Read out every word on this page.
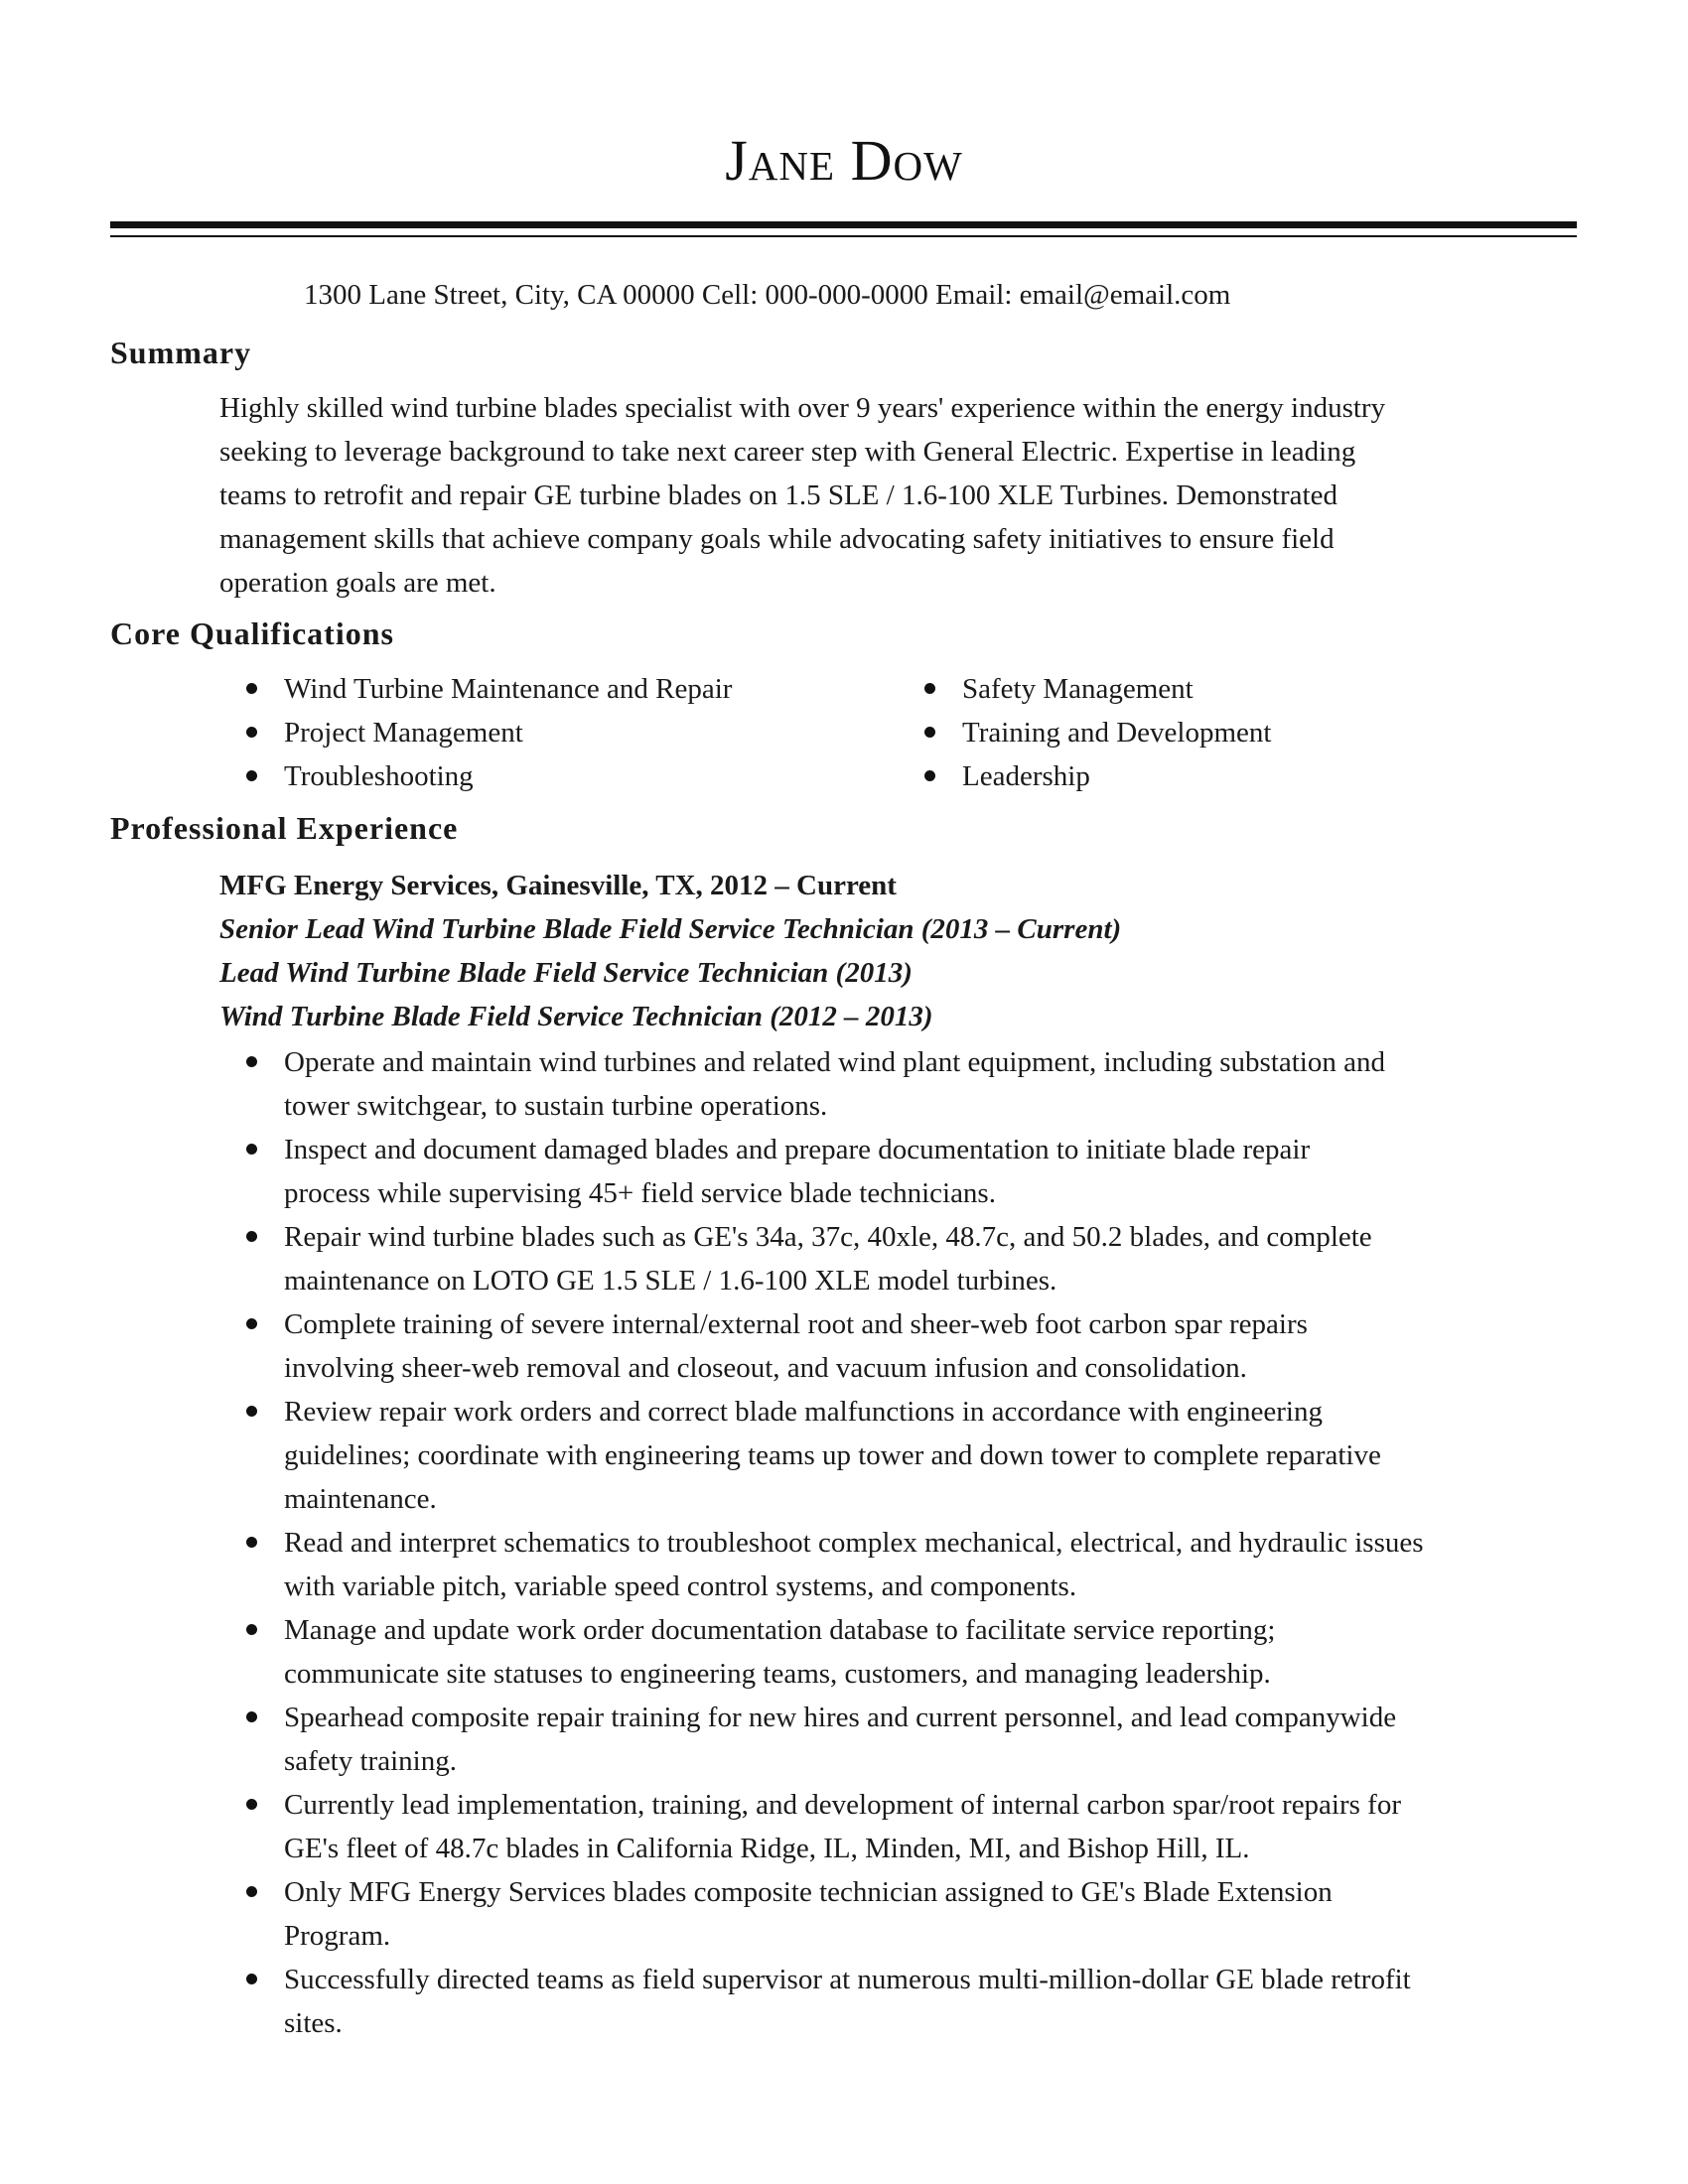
Jane Dow
1300 Lane Street, City, CA 00000 Cell: 000-000-0000 Email: email@email.com
Summary
Highly skilled wind turbine blades specialist with over 9 years' experience within the energy industry
seeking to leverage background to take next career step with General Electric. Expertise in leading
teams to retrofit and repair GE turbine blades on 1.5 SLE / 1.6-100 XLE Turbines. Demonstrated
management skills that achieve company goals while advocating safety initiatives to ensure field
operation goals are met.
Core Qualifications
Wind Turbine Maintenance and Repair
Project Management
Troubleshooting
Safety Management
Training and Development
Leadership
Professional Experience
MFG Energy Services, Gainesville, TX, 2012 – Current
Senior Lead Wind Turbine Blade Field Service Technician (2013 – Current)
Lead Wind Turbine Blade Field Service Technician (2013)
Wind Turbine Blade Field Service Technician (2012 – 2013)
Operate and maintain wind turbines and related wind plant equipment, including substation and
tower switchgear, to sustain turbine operations.
Inspect and document damaged blades and prepare documentation to initiate blade repair
process while supervising 45+ field service blade technicians.
Repair wind turbine blades such as GE's 34a, 37c, 40xle, 48.7c, and 50.2 blades, and complete
maintenance on LOTO GE 1.5 SLE / 1.6-100 XLE model turbines.
Complete training of severe internal/external root and sheer-web foot carbon spar repairs
involving sheer-web removal and closeout, and vacuum infusion and consolidation.
Review repair work orders and correct blade malfunctions in accordance with engineering
guidelines; coordinate with engineering teams up tower and down tower to complete reparative
maintenance.
Read and interpret schematics to troubleshoot complex mechanical, electrical, and hydraulic issues
with variable pitch, variable speed control systems, and components.
Manage and update work order documentation database to facilitate service reporting;
communicate site statuses to engineering teams, customers, and managing leadership.
Spearhead composite repair training for new hires and current personnel, and lead companywide
safety training.
Currently lead implementation, training, and development of internal carbon spar/root repairs for
GE's fleet of 48.7c blades in California Ridge, IL, Minden, MI, and Bishop Hill, IL.
Only MFG Energy Services blades composite technician assigned to GE's Blade Extension
Program.
Successfully directed teams as field supervisor at numerous multi-million-dollar GE blade retrofit
sites.
